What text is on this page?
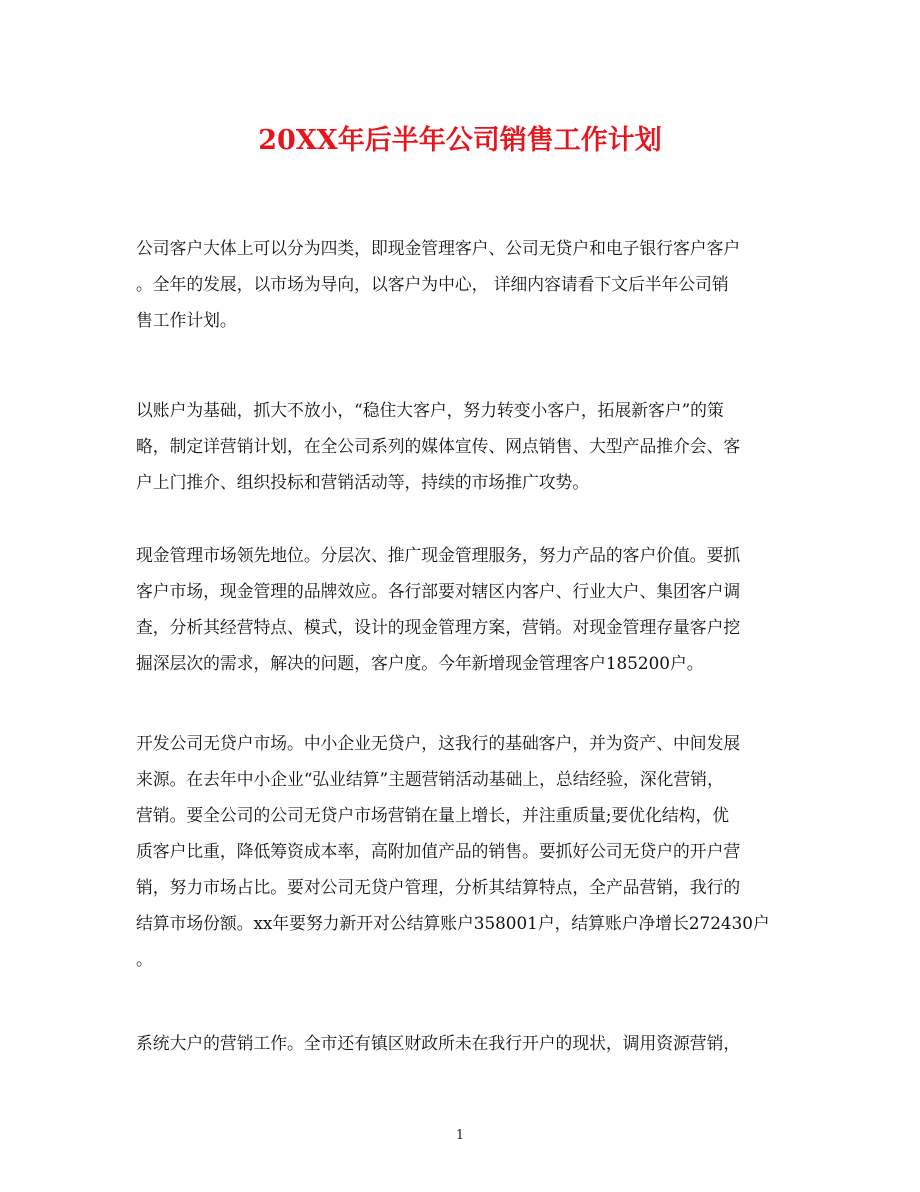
20XX年后半年公司销售工作计划
公司客户大体上可以分为四类，即现金管理客户、公司无贷户和电子银行客户客户
。全年的发展，以市场为导向，以客户为中心， 详细内容请看下文后半年公司销
售工作计划。
以账户为基础，抓大不放小，“稳住大客户，努力转变小客户，拓展新客户”的策
略，制定详营销计划，在全公司系列的媒体宣传、网点销售、大型产品推介会、客
户上门推介、组织投标和营销活动等，持续的市场推广攻势。
现金管理市场领先地位。分层次、推广现金管理服务，努力产品的客户价值。要抓
客户市场，现金管理的品牌效应。各行部要对辖区内客户、行业大户、集团客户调
查，分析其经营特点、模式，设计的现金管理方案，营销。对现金管理存量客户挖
掘深层次的需求，解决的问题，客户度。今年新增现金管理客户185200户。
开发公司无贷户市场。中小企业无贷户，这我行的基础客户，并为资产、中间发展
来源。在去年中小企业“弘业结算”主题营销活动基础上，总结经验，深化营销，
营销。要全公司的公司无贷户市场营销在量上增长，并注重质量;要优化结构，优
质客户比重，降低筹资成本率，高附加值产品的销售。要抓好公司无贷户的开户营
销，努力市场占比。要对公司无贷户管理，分析其结算特点，全产品营销，我行的
结算市场份额。xx年要努力新开对公结算账户358001户，结算账户净增长272430户
。
系统大户的营销工作。全市还有镇区财政所未在我行开户的现状，调用资源营销，
1
